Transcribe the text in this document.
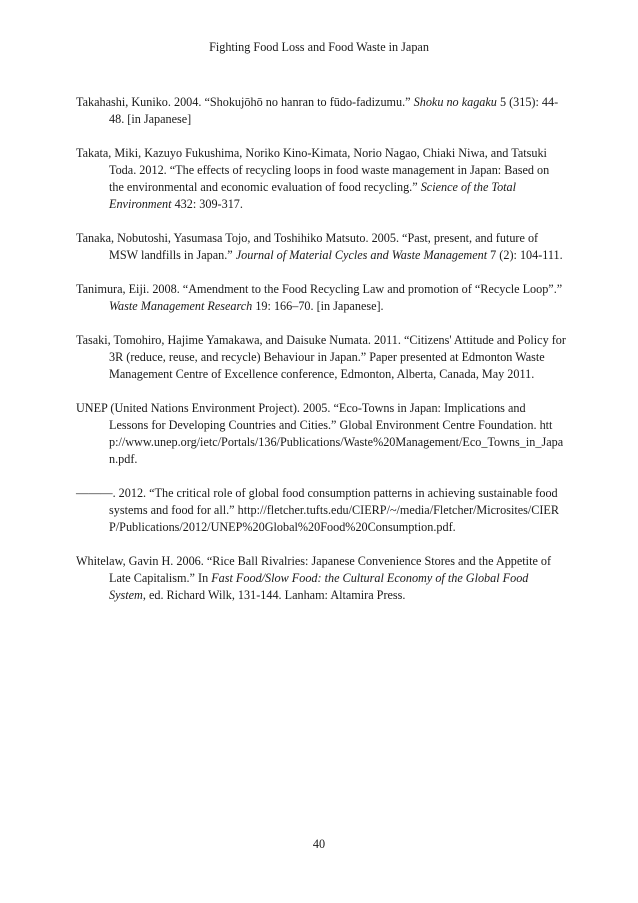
Fighting Food Loss and Food Waste in Japan
Takahashi, Kuniko. 2004. “Shokujōhō no hanran to fūdo-fadizumu.” Shoku no kagaku 5 (315): 44-48. [in Japanese]
Takata, Miki, Kazuyo Fukushima, Noriko Kino-Kimata, Norio Nagao, Chiaki Niwa, and Tatsuki Toda. 2012. “The effects of recycling loops in food waste management in Japan: Based on the environmental and economic evaluation of food recycling.” Science of the Total Environment 432: 309-317.
Tanaka, Nobutoshi, Yasumasa Tojo, and Toshihiko Matsuto. 2005. “Past, present, and future of MSW landfills in Japan.” Journal of Material Cycles and Waste Management 7 (2): 104-111.
Tanimura, Eiji. 2008. “Amendment to the Food Recycling Law and promotion of “Recycle Loop”.” Waste Management Research 19: 166–70. [in Japanese].
Tasaki, Tomohiro, Hajime Yamakawa, and Daisuke Numata. 2011. “Citizens' Attitude and Policy for 3R (reduce, reuse, and recycle) Behaviour in Japan.” Paper presented at Edmonton Waste Management Centre of Excellence conference, Edmonton, Alberta, Canada, May 2011.
UNEP (United Nations Environment Project). 2005. “Eco-Towns in Japan: Implications and Lessons for Developing Countries and Cities.” Global Environment Centre Foundation. http://www.unep.org/ietc/Portals/136/Publications/Waste%20Management/Eco_Towns_in_Japan.pdf.
———. 2012. “The critical role of global food consumption patterns in achieving sustainable food systems and food for all.” http://fletcher.tufts.edu/CIERP/~/media/Fletcher/Microsites/CIERP/Publications/2012/UNEP%20Global%20Food%20Consumption.pdf.
Whitelaw, Gavin H. 2006. “Rice Ball Rivalries: Japanese Convenience Stores and the Appetite of Late Capitalism.” In Fast Food/Slow Food: the Cultural Economy of the Global Food System, ed. Richard Wilk, 131-144. Lanham: Altamira Press.
40
